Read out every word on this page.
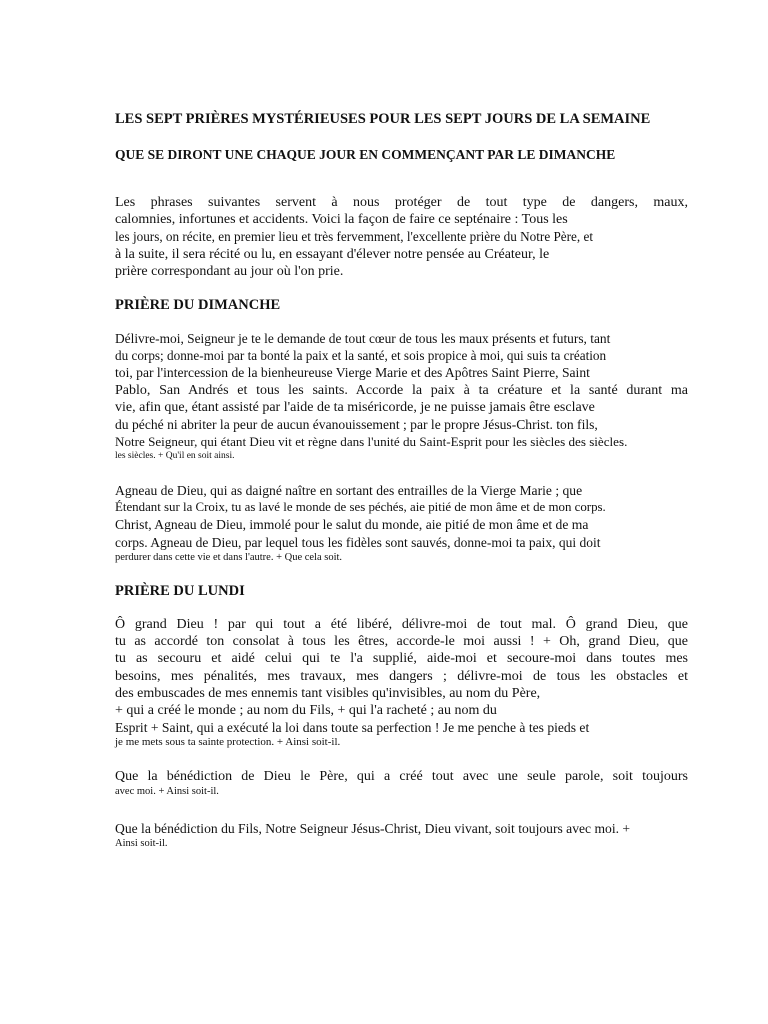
LES SEPT PRIÈRES MYSTÉRIEUSES POUR LES SEPT JOURS DE LA SEMAINE
QUE SE DIRONT UNE CHAQUE JOUR EN COMMENÇANT PAR LE DIMANCHE
Les phrases suivantes servent à nous protéger de tout type de dangers, maux,
calomnies, infortunes et accidents. Voici la façon de faire ce septénaire : Tous les
les jours, on récite, en premier lieu et très fervemment, l'excellente prière du Notre Père, et
à la suite, il sera récité ou lu, en essayant d'élever notre pensée au Créateur, le
prière correspondant au jour où l'on prie.
PRIÈRE DU DIMANCHE
Délivre-moi, Seigneur je te le demande de tout cœur de tous les maux présents et futurs, tant
du corps; donne-moi par ta bonté la paix et la santé, et sois propice à moi, qui suis ta création
toi, par l'intercession de la bienheureuse Vierge Marie et des Apôtres Saint Pierre, Saint
Pablo, San Andrés et tous les saints. Accorde la paix à ta créature et la santé durant ma
vie, afin que, étant assisté par l'aide de ta miséricorde, je ne puisse jamais être esclave
du péché ni abriter la peur de aucun évanouissement ; par le propre Jésus-Christ. ton fils,
Notre Seigneur, qui étant Dieu vit et règne dans l'unité du Saint-Esprit pour les siècles des siècles.
les siècles. + Qu'il en soit ainsi.
Agneau de Dieu, qui as daigné naître en sortant des entrailles de la Vierge Marie ; que
Étendant sur la Croix, tu as lavé le monde de ses péchés, aie pitié de mon âme et de mon corps.
Christ, Agneau de Dieu, immolé pour le salut du monde, aie pitié de mon âme et de ma
corps. Agneau de Dieu, par lequel tous les fidèles sont sauvés, donne-moi ta paix, qui doit
perdurer dans cette vie et dans l'autre. + Que cela soit.
PRIÈRE DU LUNDI
Ô grand Dieu ! par qui tout a été libéré, délivre-moi de tout mal. Ô grand Dieu, que
tu as accordé ton consolat à tous les êtres, accorde-le moi aussi ! + Oh, grand Dieu, que
tu as secouru et aidé celui qui te l'a supplié, aide-moi et secoure-moi dans toutes mes
besoins, mes pénalités, mes travaux, mes dangers ; délivre-moi de tous les obstacles et
des embuscades de mes ennemis tant visibles qu'invisibles, au nom du Père,
+ qui a créé le monde ; au nom du Fils, + qui l'a racheté ; au nom du
Esprit + Saint, qui a exécuté la loi dans toute sa perfection ! Je me penche à tes pieds et
je me mets sous ta sainte protection. + Ainsi soit-il.
Que la bénédiction de Dieu le Père, qui a créé tout avec une seule parole, soit toujours
avec moi. + Ainsi soit-il.
Que la bénédiction du Fils, Notre Seigneur Jésus-Christ, Dieu vivant, soit toujours avec moi. +
Ainsi soit-il.
